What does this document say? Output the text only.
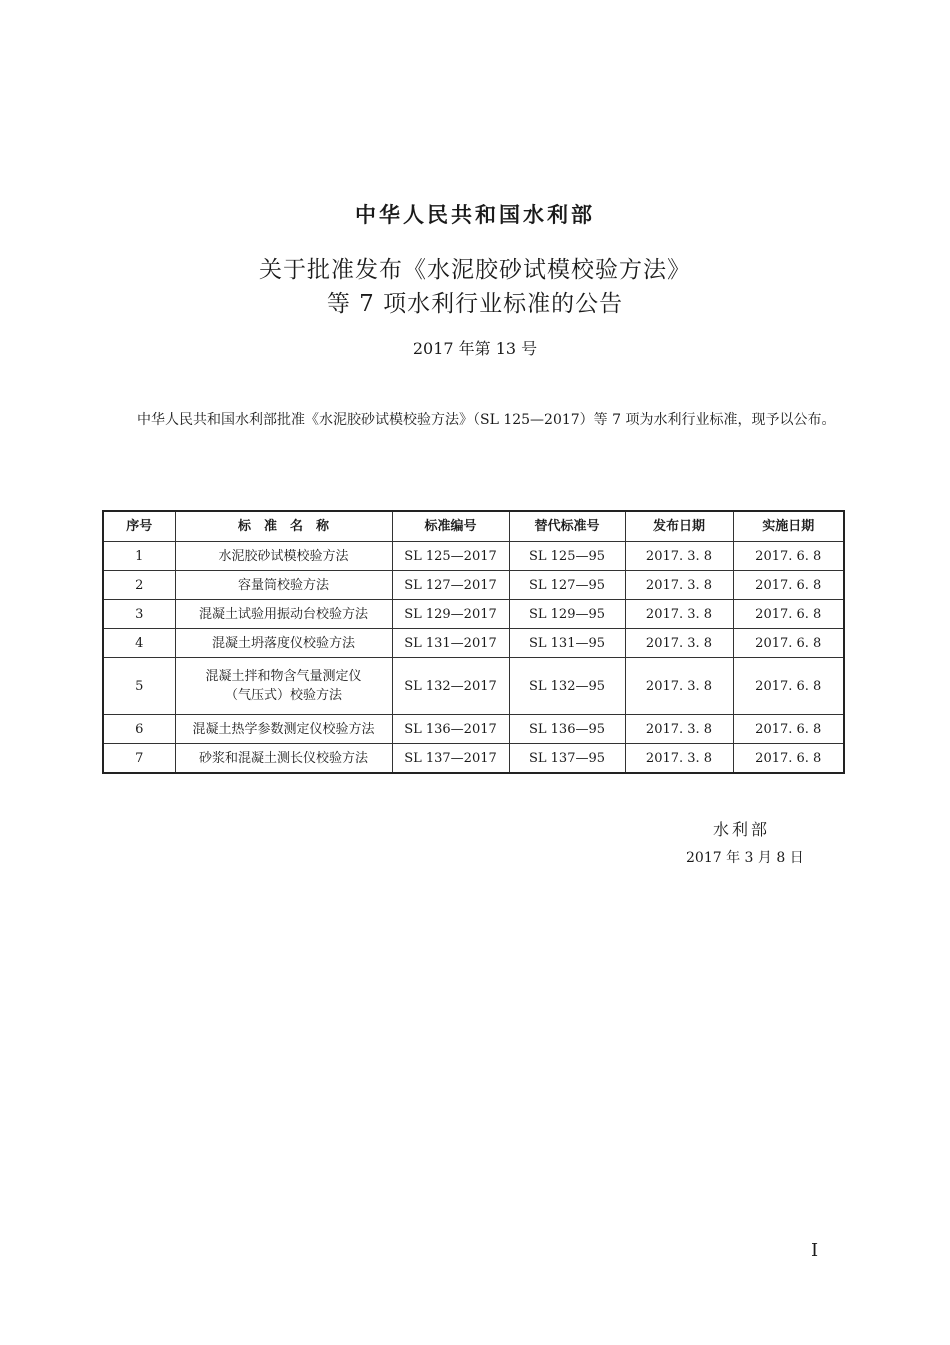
中华人民共和国水利部
关于批准发布《水泥胶砂试模校验方法》
等 7 项水利行业标准的公告
2017 年第 13 号

中华人民共和国水利部批准《水泥胶砂试模校验方法》（SL 125—2017）等 7 项为水利行业标准，现予以公布。

序号	标　准　名　称	标准编号	替代标准号	发布日期	实施日期
1	水泥胶砂试模校验方法	SL 125—2017	SL 125—95	2017. 3. 8	2017. 6. 8
2	容量筒校验方法	SL 127—2017	SL 127—95	2017. 3. 8	2017. 6. 8
3	混凝土试验用振动台校验方法	SL 129—2017	SL 129—95	2017. 3. 8	2017. 6. 8
4	混凝土坍落度仪校验方法	SL 131—2017	SL 131—95	2017. 3. 8	2017. 6. 8
5	混凝土拌和物含气量测定仪
（气压式）校验方法	SL 132—2017	SL 132—95	2017. 3. 8	2017. 6. 8
6	混凝土热学参数测定仪校验方法	SL 136—2017	SL 136—95	2017. 3. 8	2017. 6. 8
7	砂浆和混凝土测长仪校验方法	SL 137—2017	SL 137—95	2017. 3. 8	2017. 6. 8
水利部
2017 年 3 月 8 日
I
